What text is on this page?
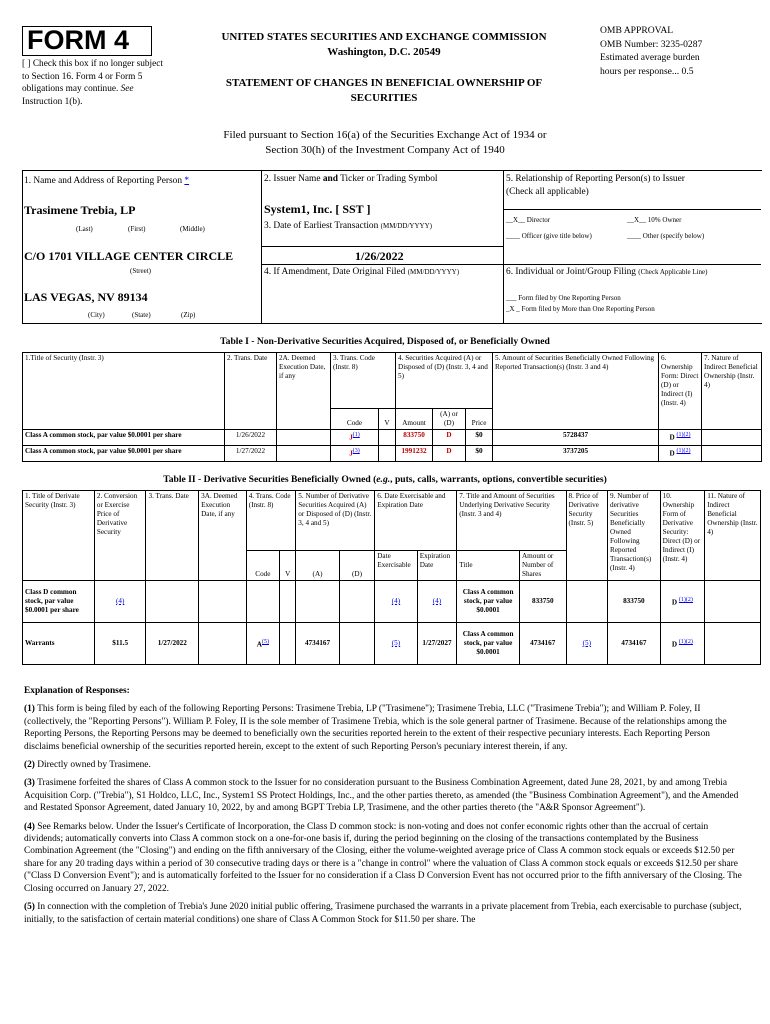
FORM 4
[ ] Check this box if no longer subject to Section 16. Form 4 or Form 5 obligations may continue. See Instruction 1(b).
UNITED STATES SECURITIES AND EXCHANGE COMMISSION
Washington, D.C. 20549
STATEMENT OF CHANGES IN BENEFICIAL OWNERSHIP OF
SECURITIES
OMB APPROVAL
OMB Number: 3235-0287
Estimated average burden
hours per response... 0.5
Filed pursuant to Section 16(a) of the Securities Exchange Act of 1934 or
Section 30(h) of the Investment Company Act of 1940
1. Name and Address of Reporting Person *
Trasimene Trebia, LP
(Last)	(First)	(Middle)
C/O 1701 VILLAGE CENTER CIRCLE
(Street)
LAS VEGAS, NV 89134
(City)	(State)	(Zip)
2. Issuer Name and Ticker or Trading Symbol
System1, Inc. [ SST ]
3. Date of Earliest Transaction (MM/DD/YYYY)
1/26/2022
4. If Amendment, Date Original Filed (MM/DD/YYYY)
5. Relationship of Reporting Person(s) to Issuer
(Check all applicable)
__X__ Director	__X__ 10% Owner
____ Officer (give title below)	____ Other (specify below)
6. Individual or Joint/Group Filing (Check Applicable Line)
___ Form filed by One Reporting Person
_X _ Form filed by More than One Reporting Person
Table I - Non-Derivative Securities Acquired, Disposed of, or Beneficially Owned
1.Title of Security (Instr. 3)	2. Trans. Date	2A. Deemed Execution Date, if any	3. Trans. Code (Instr. 8)		4. Securities Acquired (A) or Disposed of (D) (Instr. 3, 4 and 5)			5. Amount of Securities Beneficially Owned Following Reported Transaction(s) (Instr. 3 and 4)	6. Ownership Form: Direct (D) or Indirect (I) (Instr. 4)	7. Nature of Indirect Beneficial Ownership (Instr. 4)
			Code	V	Amount	(A) or (D)	Price			
Class A common stock, par value $0.0001 per share	1/26/2022		$J^{(1)}$		833750	D	$0	5728437	D $^{(1)(2)}$	
Class A common stock, par value $0.0001 per share	1/27/2022		$J^{(3)}$		1991232	D	$0	3737205	D $^{(1)(2)}$	
Table II - Derivative Securities Beneficially Owned (e.g., puts, calls, warrants, options, convertible securities)
1. Title of Derivate Security (Instr. 3)	2. Conversion or Exercise Price of Derivative Security	3. Trans. Date	3A. Deemed Execution Date, if any	4. Trans. Code (Instr. 8)		5. Number of Derivative Securities Acquired (A) or Disposed of (D) (Instr. 3, 4 and 5)		6. Date Exercisable and Expiration Date		7. Title and Amount of Securities Underlying Derivative Security (Instr. 3 and 4)		8. Price of Derivative Security (Instr. 5)	9. Number of derivative Securities Beneficially Owned Following Reported Transaction(s) (Instr. 4)	10. Ownership Form of Derivative Security: Direct (D) or Indirect (I) (Instr. 4)	11. Nature of Indirect Beneficial Ownership (Instr. 4)
				Code	V	(A)	(D)	Date Exercisable	Expiration Date	Title	Amount or Number of Shares				
Class D common stock, par value $0.0001 per share	(4)							(4)	(4)	Class A common stock, par value $0.0001	833750		833750	D $^{(1)(2)}$	
Warrants	$11.5	1/27/2022		$A^{(5)}$		4734167		(5)	1/27/2027	Class A common stock, par value $0.0001	4734167	(5)	4734167	D $^{(1)(2)}$	

Explanation of Responses:

(1) This form is being filed by each of the following Reporting Persons: Trasimene Trebia, LP ("Trasimene"); Trasimene Trebia, LLC ("Trasimene Trebia"); and William P. Foley, II (collectively, the "Reporting Persons"). William P. Foley, II is the sole member of Trasimene Trebia, which is the sole general partner of Trasimene. Because of the relationships among the Reporting Persons, the Reporting Persons may be deemed to beneficially own the securities reported herein to the extent of their respective pecuniary interests. Each Reporting Person disclaims beneficial ownership of the securities reported herein, except to the extent of such Reporting Person's pecuniary interest therein, if any.

(2) Directly owned by Trasimene.

(3) Trasimene forfeited the shares of Class A common stock to the Issuer for no consideration pursuant to the Business Combination Agreement, dated June 28, 2021, by and among Trebia Acquisition Corp. ("Trebia"), S1 Holdco, LLC, Inc., System1 SS Protect Holdings, Inc., and the other parties thereto, as amended (the "Business Combination Agreement"), and the Amended and Restated Sponsor Agreement, dated January 10, 2022, by and among BGPT Trebia LP, Trasimene, and the other parties thereto (the "A&R Sponsor Agreement").

(4) See Remarks below. Under the Issuer's Certificate of Incorporation, the Class D common stock: is non-voting and does not confer economic rights other than the accrual of certain dividends; automatically converts into Class A common stock on a one-for-one basis if, during the period beginning on the closing of the transactions contemplated by the Business Combination Agreement (the "Closing") and ending on the fifth anniversary of the Closing, either the volume-weighted average price of Class A common stock equals or exceeds $12.50 per share for any 20 trading days within a period of 30 consecutive trading days or there is a "change in control" where the valuation of Class A common stock equals or exceeds $12.50 per share ("Class D Conversion Event"); and is automatically forfeited to the Issuer for no consideration if a Class D Conversion Event has not occurred prior to the fifth anniversary of the Closing. The Closing occurred on January 27, 2022.

(5) In connection with the completion of Trebia's June 2020 initial public offering, Trasimene purchased the warrants in a private placement from Trebia, each exercisable to purchase (subject, initially, to the satisfaction of certain material conditions) one share of Class A Common Stock for $11.50 per share. The
